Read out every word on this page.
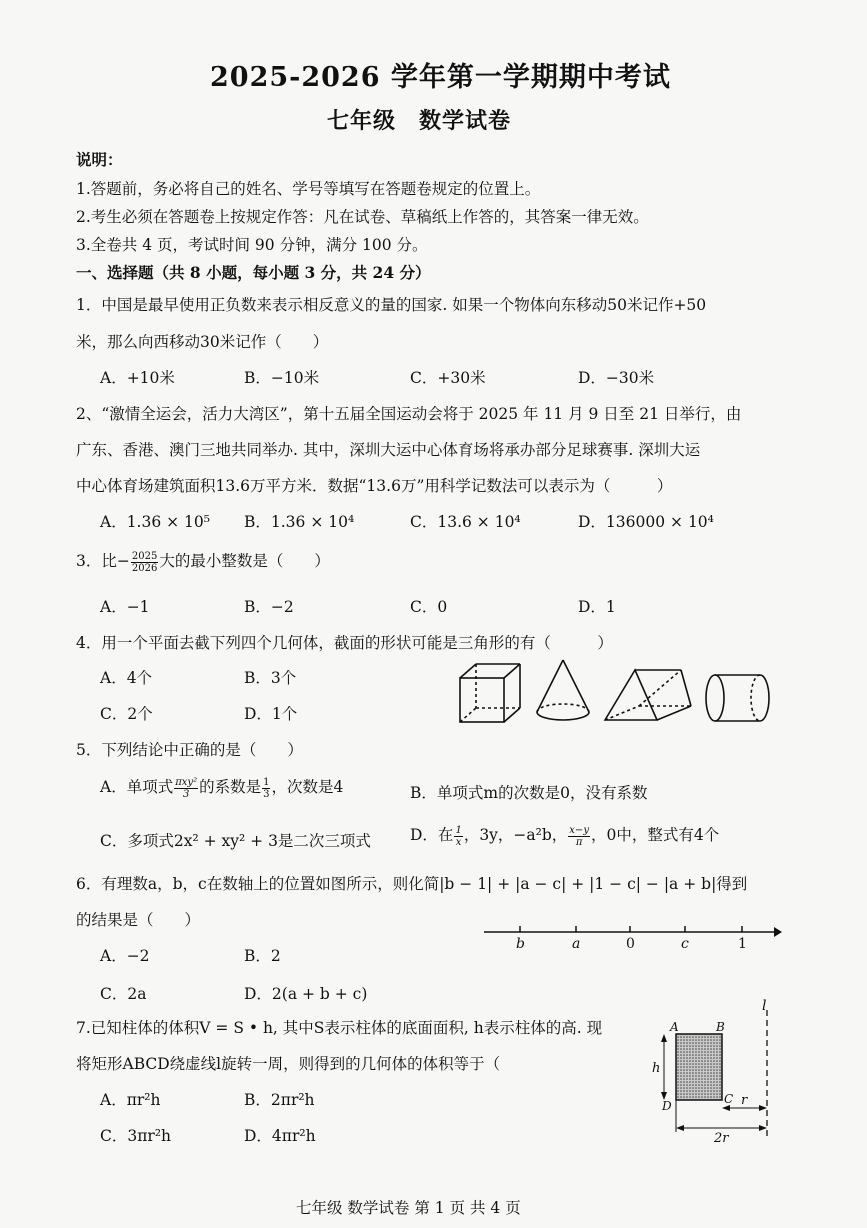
2025-2026 学年第一学期期中考试
七年级　数学试卷
说明：
1.答题前，务必将自己的姓名、学号等填写在答题卷规定的位置上。
2.考生必须在答题卷上按规定作答：凡在试卷、草稿纸上作答的，其答案一律无效。
3.全卷共 4 页，考试时间 90 分钟，满分 100 分。
一、选择题（共 8 小题，每小题 3 分，共 24 分）
1．中国是最早使用正负数来表示相反意义的量的国家. 如果一个物体向东移动50米记作+50
米，那么向西移动30米记作（　　）
A．+10米	B．−10米	C．+30米	D．−30米
2、“激情全运会，活力大湾区”，第十五届全国运动会将于 2025 年 11 月 9 日至 21 日举行，由
广东、香港、澳门三地共同举办. 其中，深圳大运中心体育场将承办部分足球赛事. 深圳大运
中心体育场建筑面积13.6万平方米．数据“13.6万”用科学记数法可以表示为（　　　）
A．1.36 × 10⁵ B．1.36 × 10⁴	C．13.6 × 10⁴	D．136000 × 10⁴
3．比− $\frac{2025}{2026}$ 大的最小整数是（　　）
A．−1	B．−2	C．0	D．1
4．用一个平面去截下列四个几何体，截面的形状可能是三角形的有（　　　）
A．4个	B．3个
C．2个	D．1个
5．下列结论中正确的是（　　）
A．单项式 $\frac{\text{πxy²}}{3}$ 的系数是 $\frac{1}{3}$ ，次数是4	B．单项式m的次数是0，没有系数
C．多项式2x² + xy² + 3是二次三项式	D．在 $\frac{1}{x}$ ，3y，−a²b， $\frac{x-y}{\pi}$ ，0中，整式有4个
6．有理数a，b，c在数轴上的位置如图所示，则化简|b − 1| + |a − c| + |1 − c| − |a + b|得到
的结果是（　　）
A．−2	B．2
C．2a	D．2(a + b + c)
b	a	0	c	1
7.已知柱体的体积V = S • h, 其中S表示柱体的底面面积, h表示柱体的高. 现
将矩形ABCD绕虚线l旋转一周，则得到的几何体的体积等于（
A．πr²h	B．2πr²h
C．3πr²h	D．4πr²h
l
A	B
C
D
h
r
2r
七年级 数学试卷 第 1 页 共 4 页
